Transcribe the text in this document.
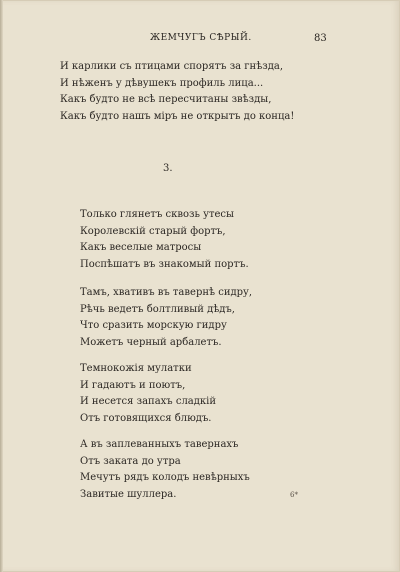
ЖЕМЧУГЪ СѢРЫЙ.	83
И карлики съ птицами спорятъ за гнѣзда,
И нѣженъ у дѣвушекъ профиль лица...
Какъ будто не всѣ пересчитаны звѣзды,
Какъ будто нашъ міръ не открытъ до конца!
3.
Только глянетъ сквозь утесы
Королевскій старый фортъ,
Какъ веселые матросы
Поспѣшатъ въ знакомый портъ.
Тамъ, хвативъ въ тавернѣ сидру,
Рѣчь ведетъ болтливый дѣдъ,
Что сразить морскую гидру
Можетъ черный арбалетъ.
Темнокожія мулатки
И гадаютъ и поютъ,
И несется запахъ сладкій
Отъ готовящихся блюдъ.
А въ заплеванныхъ тавернахъ
Отъ заката до утра
Мечутъ рядъ колодъ невѣрныхъ
Завитые шуллера.	6*
